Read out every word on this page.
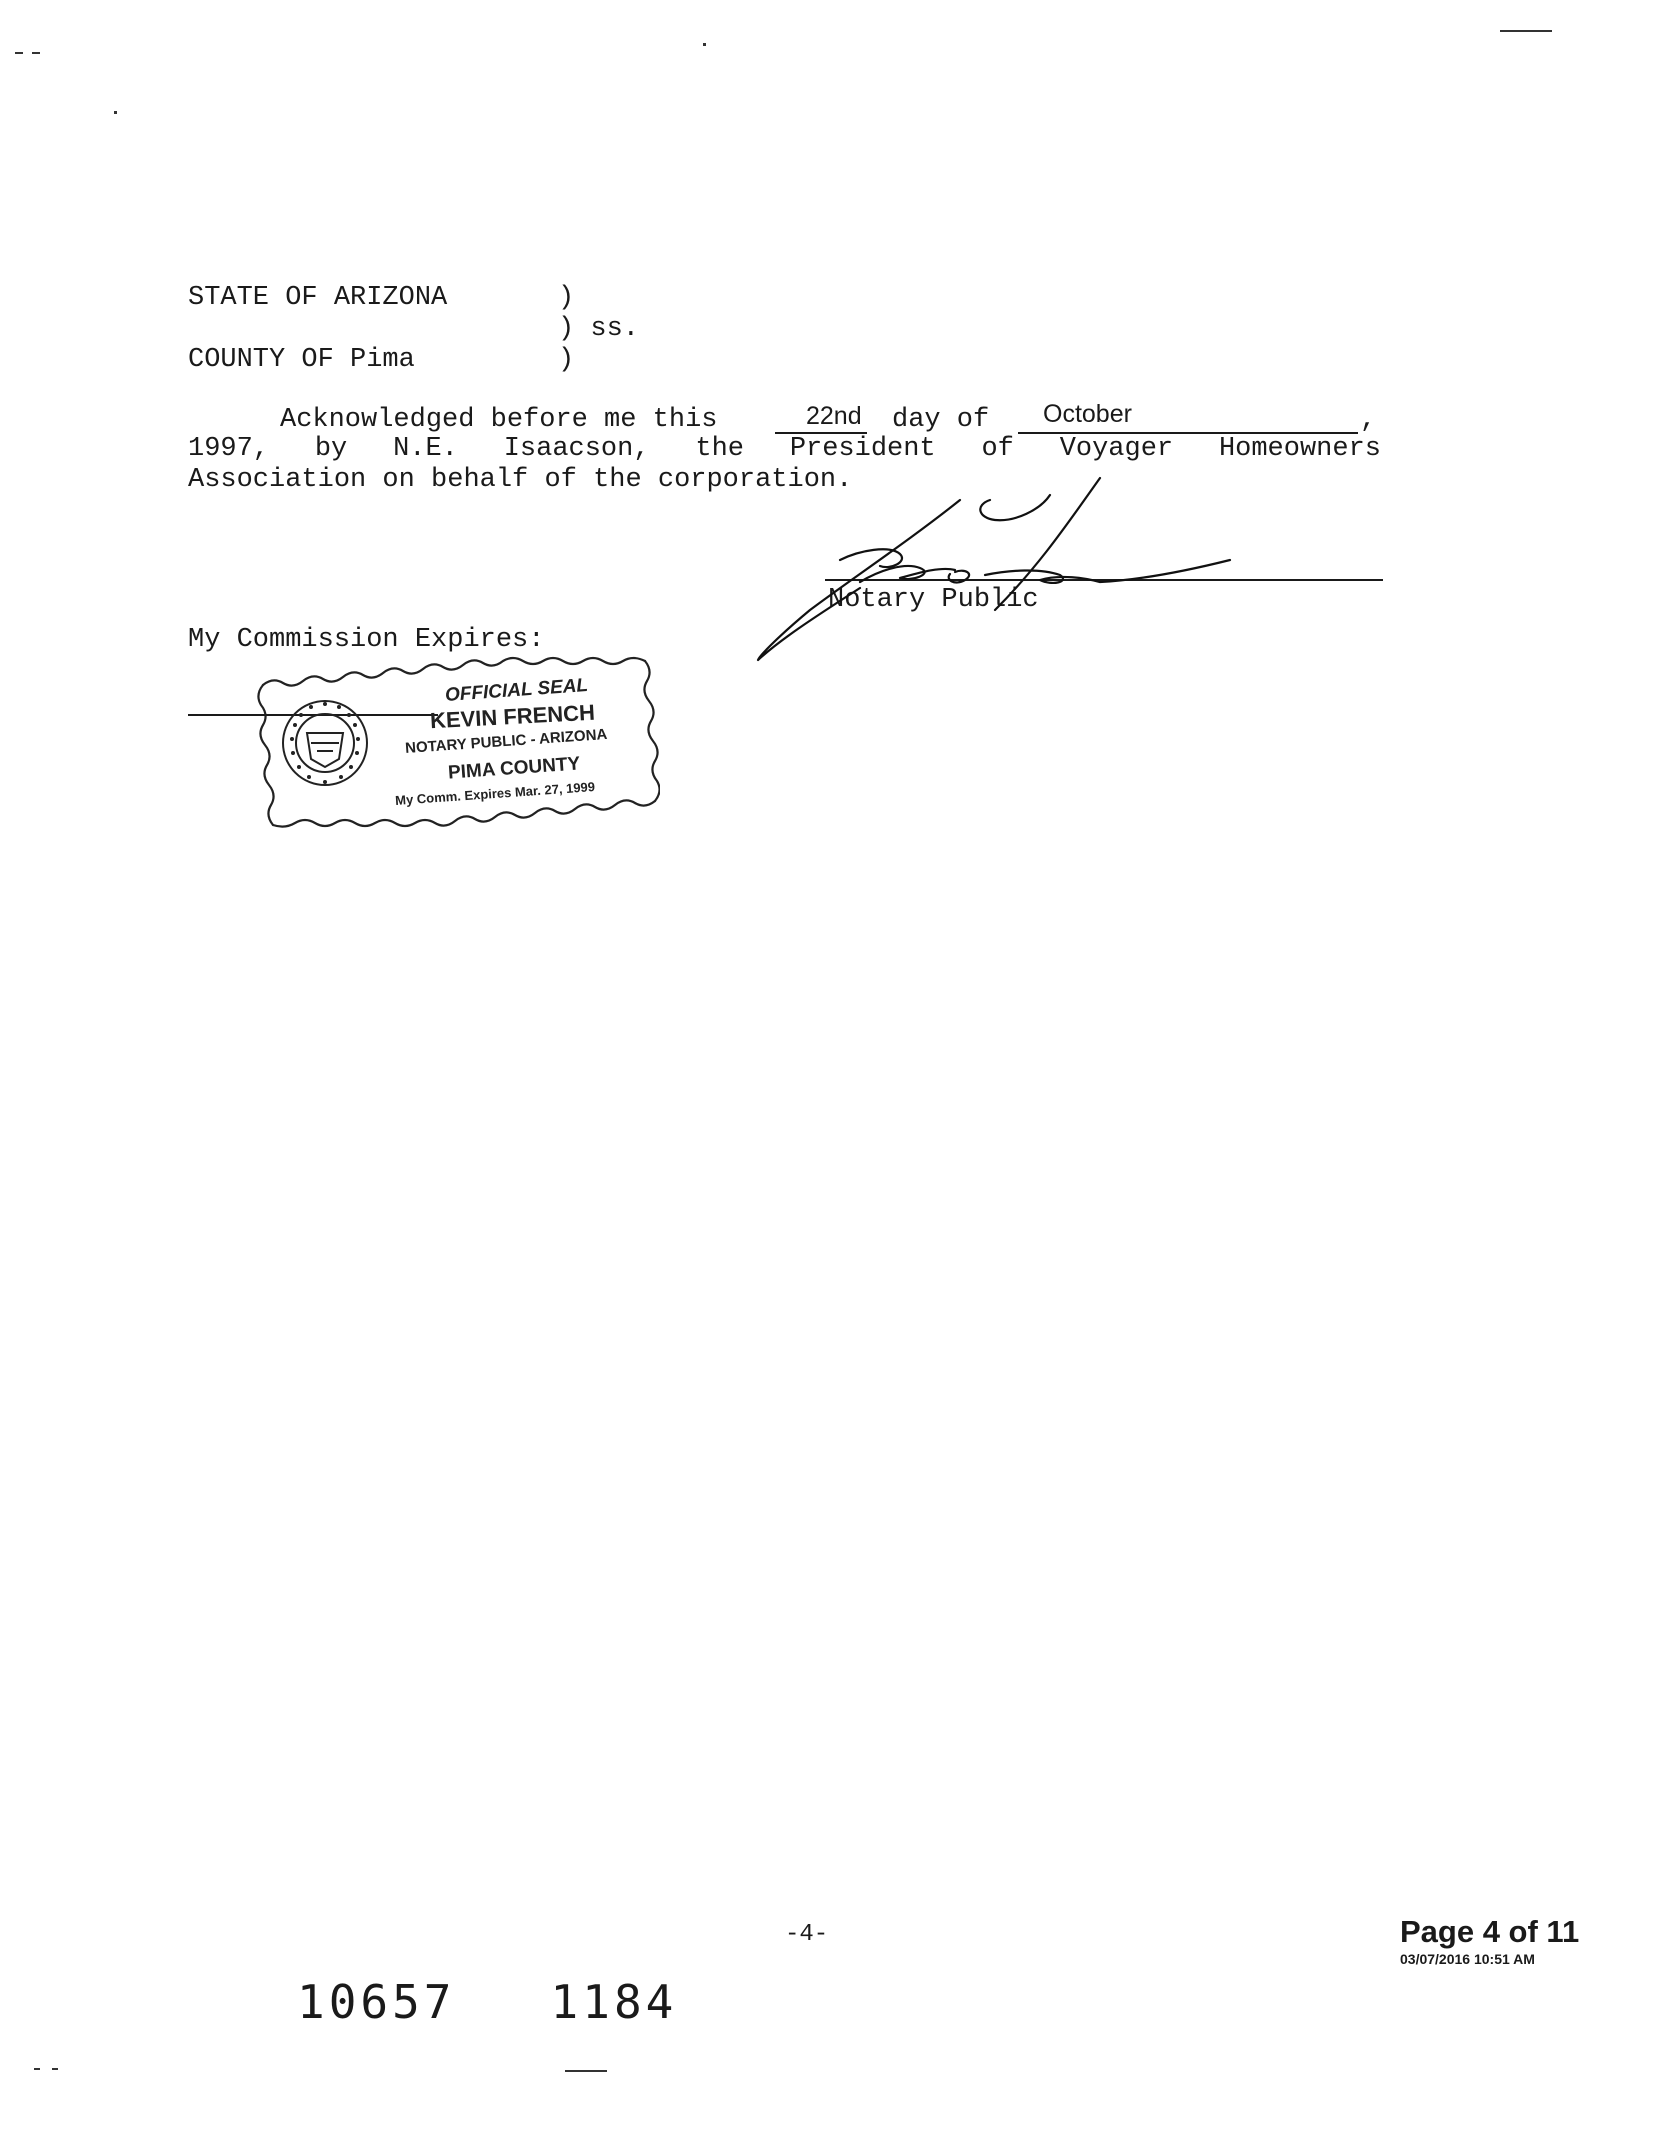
STATE OF ARIZONA	)
) ss.
COUNTY OF Pima	)
Acknowledged before me this	22nd day of October	,
1997, by N.E. Isaacson, the President of Voyager Homeowners
Association on behalf of the corporation.
Notary Public
My Commission Expires:
OFFICIAL SEAL
KEVIN FRENCH
NOTARY PUBLIC - ARIZONA
PIMA COUNTY
My Comm. Expires Mar. 27, 1999
-4-	Page 4 of 11
03/07/2016 10:51 AM
10657   1184
